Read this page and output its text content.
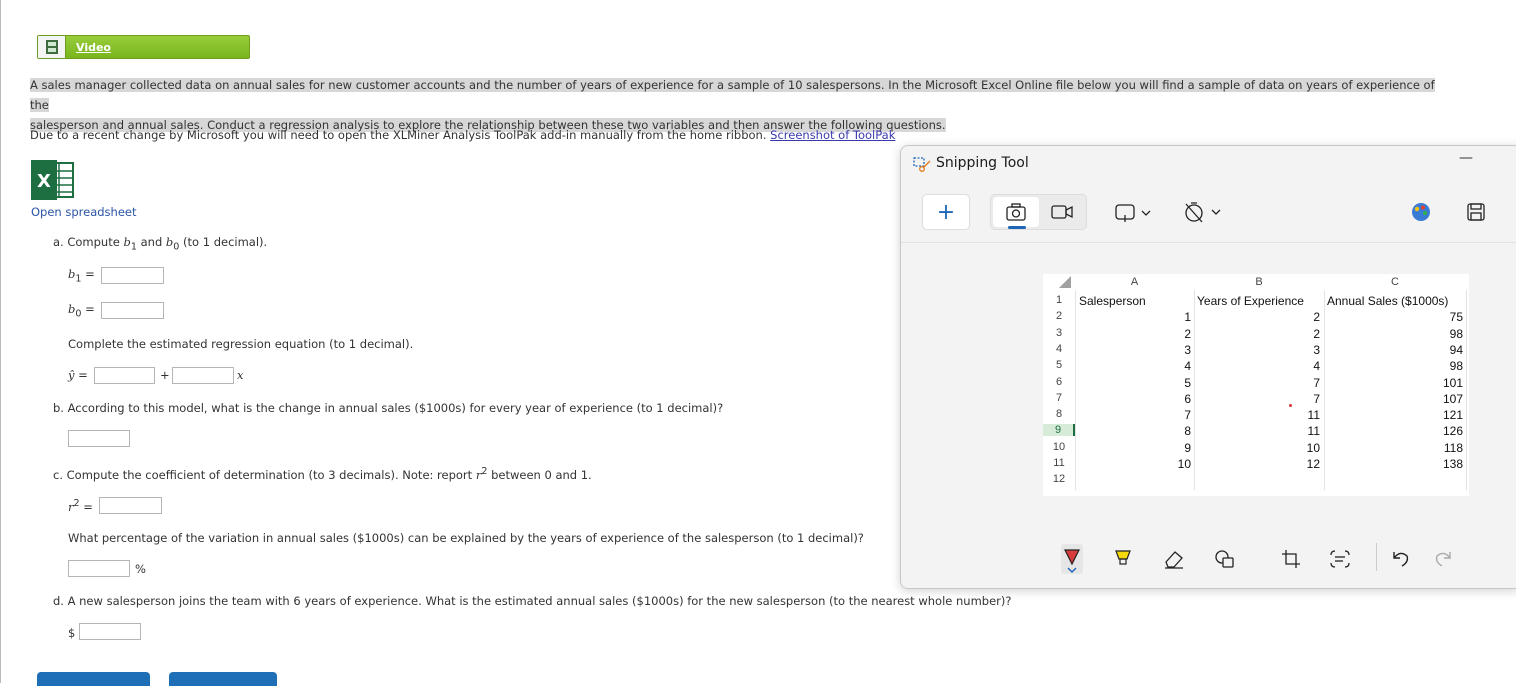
Video
A sales manager collected data on annual sales for new customer accounts and the number of years of experience for a sample of 10 salespersons. In the Microsoft Excel Online file below you will find a sample of data on years of experience of the
salesperson and annual sales. Conduct a regression analysis to explore the relationship between these two variables and then answer the following questions.
Due to a recent change by Microsoft you will need to open the XLMiner Analysis ToolPak add-in manually from the home ribbon. Screenshot of ToolPak
X
Open spreadsheet
a. Compute $b_1$ and $b_0$ (to 1 decimal).
$b_1$ =
$b_0$ =
Complete the estimated regression equation (to 1 decimal).
ŷ =	+	x
b. According to this model, what is the change in annual sales ($1000s) for every year of experience (to 1 decimal)?
c. Compute the coefficient of determination (to 3 decimals). Note: report $r^2$ between 0 and 1.
$r^2$ =
What percentage of the variation in annual sales ($1000s) can be explained by the years of experience of the salesperson (to 1 decimal)?
%
d. A new salesperson joins the team with 6 years of experience. What is the estimated annual sales ($1000s) for the new salesperson (to the nearest whole number)?
$
Snipping Tool	—
+
A	B	C
1
2
3
4
5
6
7
8
9
10
11
12
Salesperson	Years of Experience Annual Sales ($1000s)
1	2	75
2	2	98
3	3	94
4	4	98
5	7	101
6	7	107
7	11	121
8	11	126
9	10	118
10	12	138
